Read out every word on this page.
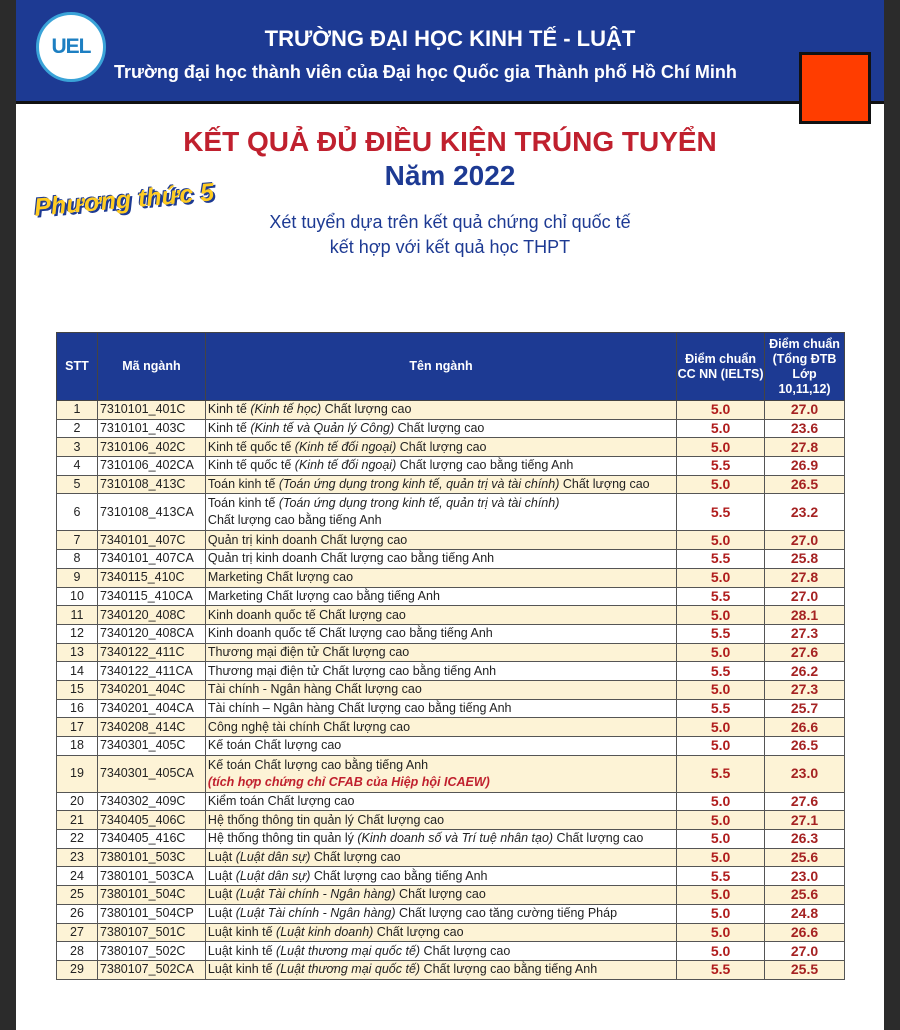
UEL	TRƯỜNG ĐẠI HỌC KINH TẾ - LUẬT
Trường đại học thành viên của Đại học Quốc gia Thành phố Hồ Chí Minh
KẾT QUẢ ĐỦ ĐIỀU KIỆN TRÚNG TUYỂN
Năm 2022
Phương thức 5
Xét tuyển dựa trên kết quả chứng chỉ quốc tế
kết hợp với kết quả học THPT
STT	Mã ngành	Tên ngành	Điểm chuẩn CC NN (IELTS)	Điểm chuẩn (Tổng ĐTB Lớp 10,11,12)
1	7310101_401C	Kinh tế (Kinh tế học) Chất lượng cao	5.0	27.0
2	7310101_403C	Kinh tế (Kinh tế và Quản lý Công) Chất lượng cao	5.0	23.6
3	7310106_402C	Kinh tế quốc tế (Kinh tế đối ngoại) Chất lượng cao	5.0	27.8
4	7310106_402CA	Kinh tế quốc tế (Kinh tế đối ngoại) Chất lượng cao bằng tiếng Anh	5.5	26.9
5	7310108_413C	Toán kinh tế (Toán ứng dụng trong kinh tế, quản trị và tài chính) Chất lượng cao	5.0	26.5
6	7310108_413CA	Toán kinh tế (Toán ứng dụng trong kinh tế, quản trị và tài chính)
Chất lượng cao bằng tiếng Anh	5.5	23.2
7	7340101_407C	Quản trị kinh doanh Chất lượng cao	5.0	27.0
8	7340101_407CA	Quản trị kinh doanh Chất lượng cao bằng tiếng Anh	5.5	25.8
9	7340115_410C	Marketing Chất lượng cao	5.0	27.8
10	7340115_410CA	Marketing Chất lượng cao bằng tiếng Anh	5.5	27.0
11	7340120_408C	Kinh doanh quốc tế Chất lượng cao	5.0	28.1
12	7340120_408CA	Kinh doanh quốc tế Chất lượng cao bằng tiếng Anh	5.5	27.3
13	7340122_411C	Thương mại điện tử Chất lượng cao	5.0	27.6
14	7340122_411CA	Thương mại điện tử Chất lượng cao bằng tiếng Anh	5.5	26.2
15	7340201_404C	Tài chính - Ngân hàng Chất lượng cao	5.0	27.3
16	7340201_404CA	Tài chính – Ngân hàng Chất lượng cao bằng tiếng Anh	5.5	25.7
17	7340208_414C	Công nghệ tài chính Chất lượng cao	5.0	26.6
18	7340301_405C	Kế toán Chất lượng cao	5.0	26.5
19	7340301_405CA	Kế toán Chất lượng cao bằng tiếng Anh
(tích hợp chứng chỉ CFAB của Hiệp hội ICAEW)	5.5	23.0
20	7340302_409C	Kiểm toán Chất lượng cao	5.0	27.6
21	7340405_406C	Hệ thống thông tin quản lý Chất lượng cao	5.0	27.1
22	7340405_416C	Hệ thống thông tin quản lý (Kinh doanh số và Trí tuệ nhân tạo) Chất lượng cao	5.0	26.3
23	7380101_503C	Luật (Luật dân sự) Chất lượng cao	5.0	25.6
24	7380101_503CA	Luật (Luật dân sự) Chất lượng cao bằng tiếng Anh	5.5	23.0
25	7380101_504C	Luật (Luật Tài chính - Ngân hàng) Chất lượng cao	5.0	25.6
26	7380101_504CP	Luật (Luật Tài chính - Ngân hàng) Chất lượng cao tăng cường tiếng Pháp	5.0	24.8
27	7380107_501C	Luật kinh tế (Luật kinh doanh) Chất lượng cao	5.0	26.6
28	7380107_502C	Luật kinh tế (Luật thương mại quốc tế) Chất lượng cao	5.0	27.0
29	7380107_502CA	Luật kinh tế (Luật thương mại quốc tế) Chất lượng cao bằng tiếng Anh	5.5	25.5
